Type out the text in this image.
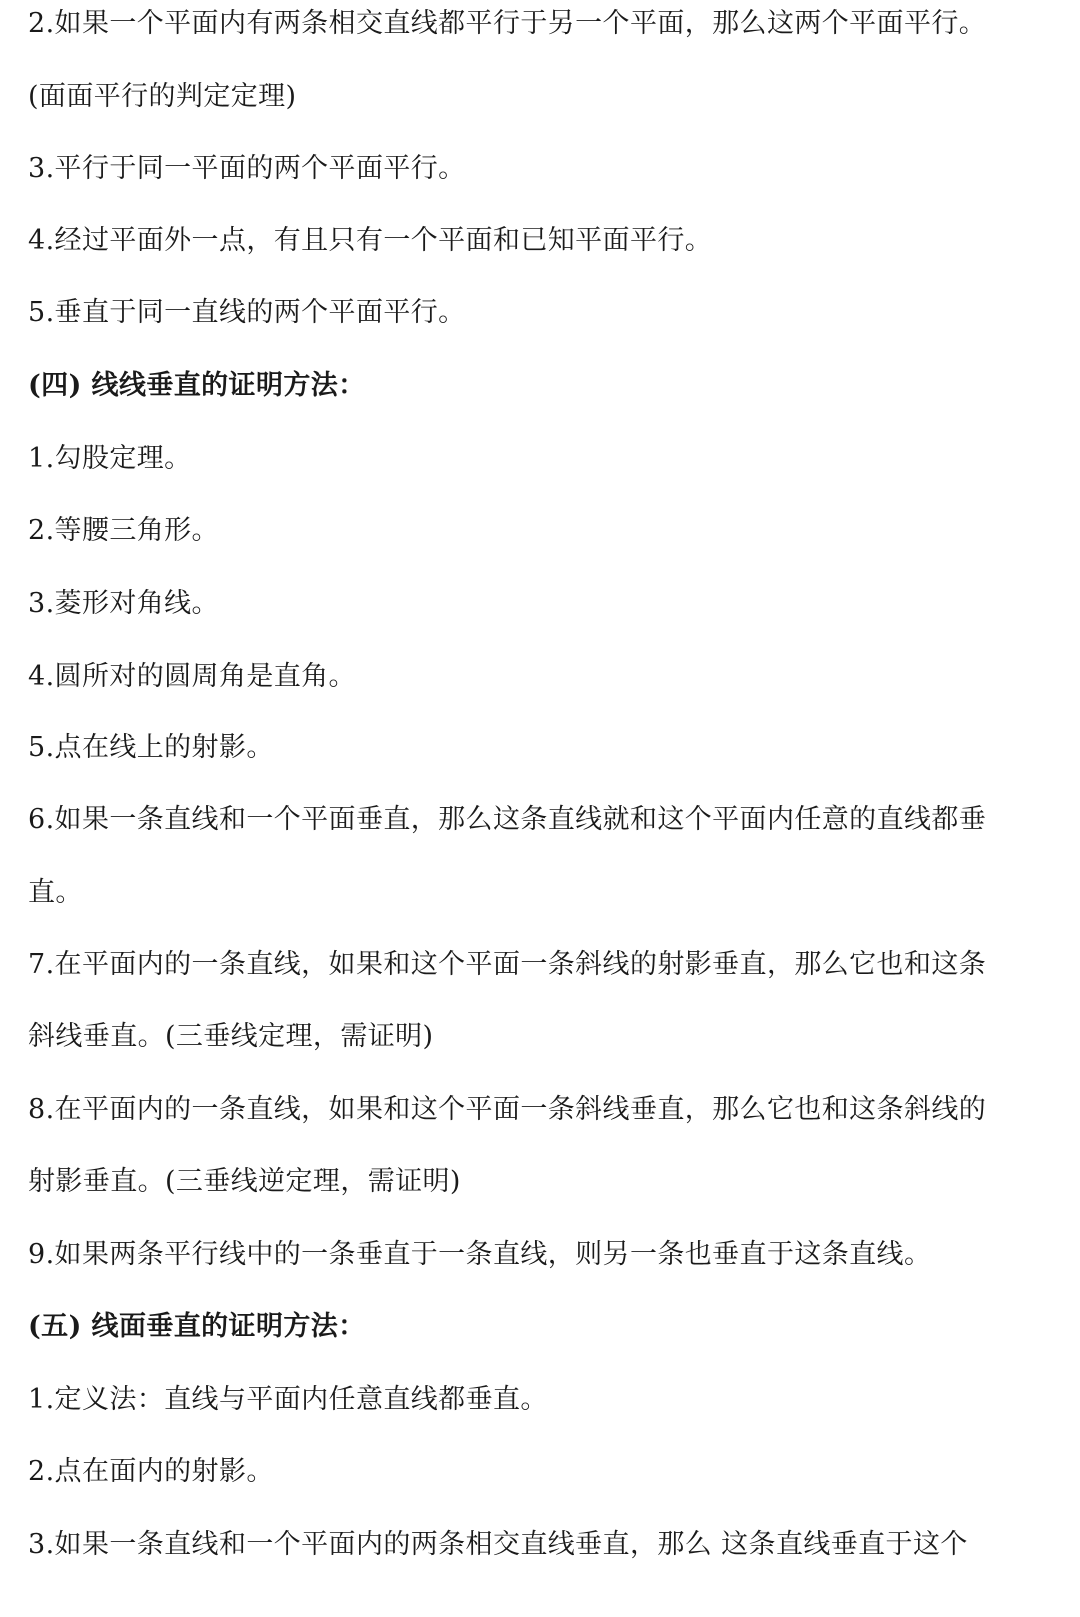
2.如果一个平面内有两条相交直线都平行于另一个平面，那么这两个平面平行。
(面面平行的判定定理)
3.平行于同一平面的两个平面平行。
4.经过平面外一点，有且只有一个平面和已知平面平行。
5.垂直于同一直线的两个平面平行。
(四) 线线垂直的证明方法：
1.勾股定理。
2.等腰三角形。
3.菱形对角线。
4.圆所对的圆周角是直角。
5.点在线上的射影。
6.如果一条直线和一个平面垂直，那么这条直线就和这个平面内任意的直线都垂
直。
7.在平面内的一条直线，如果和这个平面一条斜线的射影垂直，那么它也和这条
斜线垂直。(三垂线定理，需证明)
8.在平面内的一条直线，如果和这个平面一条斜线垂直，那么它也和这条斜线的
射影垂直。(三垂线逆定理，需证明)
9.如果两条平行线中的一条垂直于一条直线，则另一条也垂直于这条直线。
(五) 线面垂直的证明方法：
1.定义法：直线与平面内任意直线都垂直。
2.点在面内的射影。
3.如果一条直线和一个平面内的两条相交直线垂直，那么 这条直线垂直于这个
